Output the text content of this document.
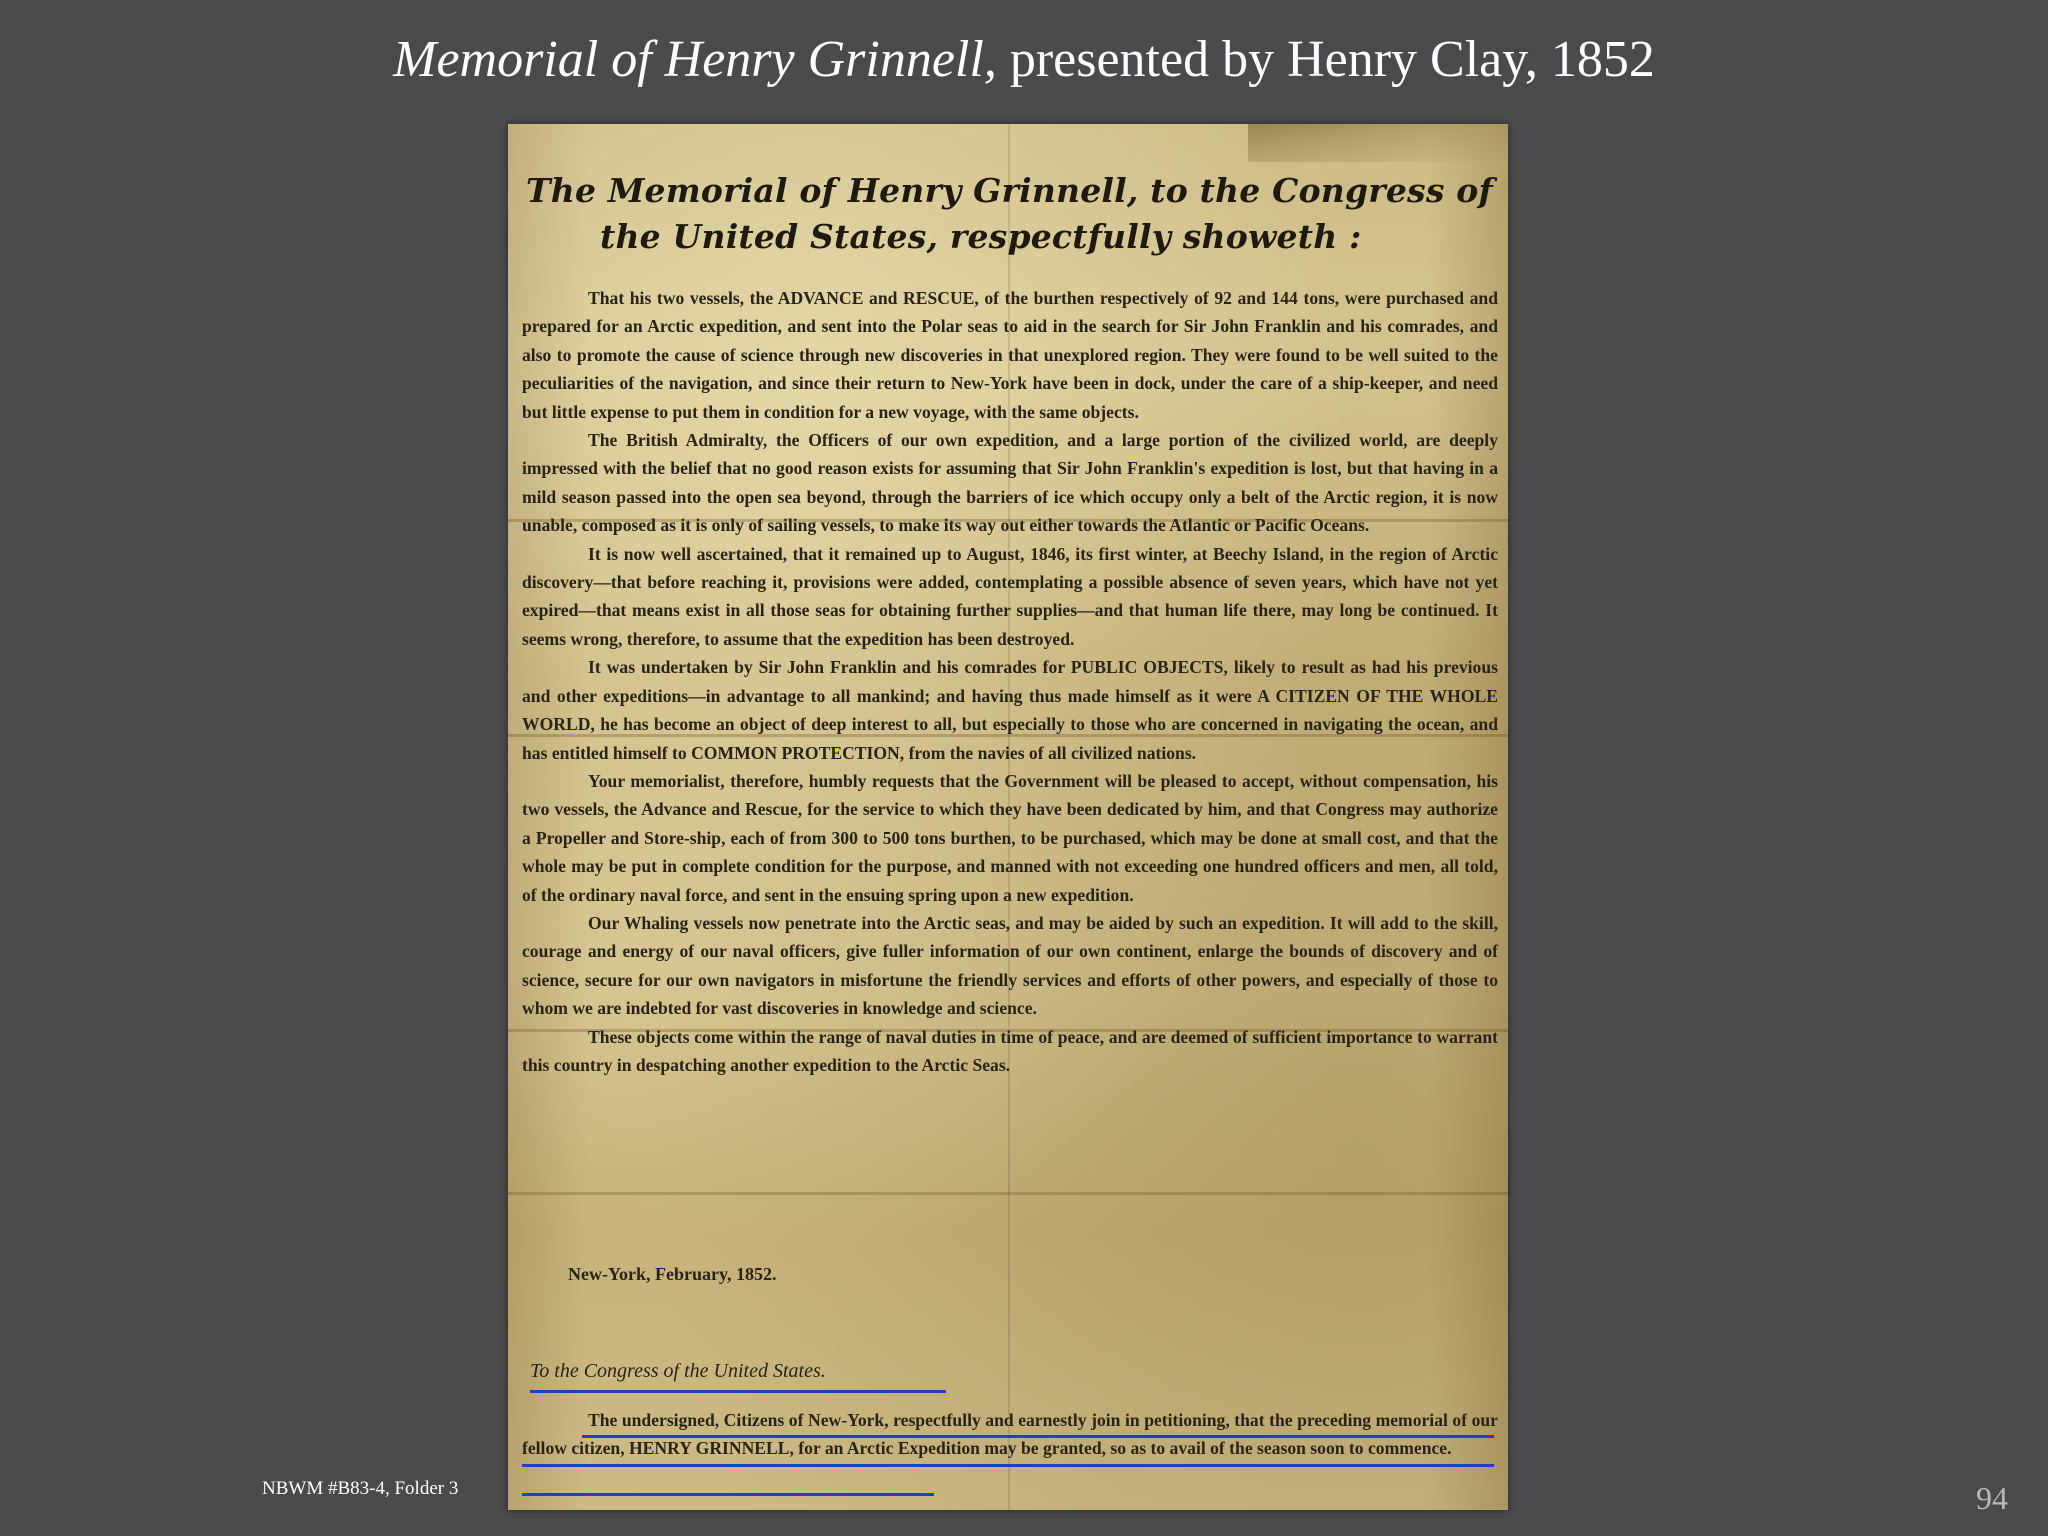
Memorial of Henry Grinnell, presented by Henry Clay, 1852
The Memorial of Henry Grinnell, to the Congress of
the United States, respectfully showeth :

That his two vessels, the ADVANCE and RESCUE, of the burthen respectively of 92 and 144 tons, were purchased and prepared for an Arctic expedition, and sent into the Polar seas to aid in the search for Sir John Franklin and his comrades, and also to promote the cause of science through new discoveries in that unexplored region. They were found to be well suited to the peculiarities of the navigation, and since their return to New-York have been in dock, under the care of a ship-keeper, and need but little expense to put them in condition for a new voyage, with the same objects.

The British Admiralty, the Officers of our own expedition, and a large portion of the civilized world, are deeply impressed with the belief that no good reason exists for assuming that Sir John Franklin's expedition is lost, but that having in a mild season passed into the open sea beyond, through the barriers of ice which occupy only a belt of the Arctic region, it is now unable, composed as it is only of sailing vessels, to make its way out either towards the Atlantic or Pacific Oceans.

It is now well ascertained, that it remained up to August, 1846, its first winter, at Beechy Island, in the region of Arctic discovery—that before reaching it, provisions were added, contemplating a possible absence of seven years, which have not yet expired—that means exist in all those seas for obtaining further supplies—and that human life there, may long be continued. It seems wrong, therefore, to assume that the expedition has been destroyed.

It was undertaken by Sir John Franklin and his comrades for PUBLIC OBJECTS, likely to result as had his previous and other expeditions—in advantage to all mankind; and having thus made himself as it were A CITIZEN OF THE WHOLE WORLD, he has become an object of deep interest to all, but especially to those who are concerned in navigating the ocean, and has entitled himself to COMMON PROTECTION, from the navies of all civilized nations.

Your memorialist, therefore, humbly requests that the Government will be pleased to accept, without compensation, his two vessels, the Advance and Rescue, for the service to which they have been dedicated by him, and that Congress may authorize a Propeller and Store-ship, each of from 300 to 500 tons burthen, to be purchased, which may be done at small cost, and that the whole may be put in complete condition for the purpose, and manned with not exceeding one hundred officers and men, all told, of the ordinary naval force, and sent in the ensuing spring upon a new expedition.

Our Whaling vessels now penetrate into the Arctic seas, and may be aided by such an expedition. It will add to the skill, courage and energy of our naval officers, give fuller information of our own continent, enlarge the bounds of discovery and of science, secure for our own navigators in misfortune the friendly services and efforts of other powers, and especially of those to whom we are indebted for vast discoveries in knowledge and science.

These objects come within the range of naval duties in time of peace, and are deemed of sufficient importance to warrant this country in despatching another expedition to the Arctic Seas.

New-York, February, 1852.
To the Congress of the United States.

The undersigned, Citizens of New-York, respectfully and earnestly join in petitioning, that the preceding memorial of our fellow citizen, HENRY GRINNELL, for an Arctic Expedition may be granted, so as to avail of the season soon to commence.

NBWM #B83-4, Folder 3	94
